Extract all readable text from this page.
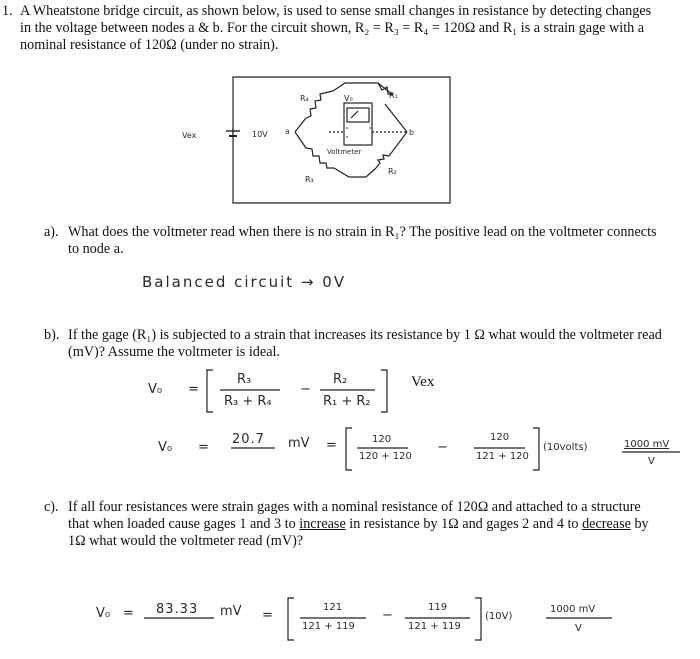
1. A Wheatstone bridge circuit, as shown below, is used to sense small changes in resistance by detecting changes
in the voltage between nodes a & b. For the circuit shown, R₂ = R₃ = R₄ = 120Ω and R₁ is a strain gage with a
nominal resistance of 120Ω (under no strain).
R₄	V₀	R₁
Vex	10V a	b
Voltmeter
R₃
R₂
a). What does the voltmeter read when there is no strain in R₁? The positive lead on the voltmeter connects
to node a.
Balanced circuit → 0V
b). If the gage (R₁) is subjected to a strain that increases its resistance by 1 Ω what would the voltmeter read
(mV)? Assume the voltmeter is ideal.
V₀ =
R₃
R₃ + R₄
−
R₂
R₁ + R₂
Vex
V₀ =
20.7 mV =	120
120 + 120
−
120
121 + 120
(10volts)	1000 mV
V
c). If all four resistances were strain gages with a nominal resistance of 120Ω and attached to a structure
that when loaded cause gages 1 and 3 to increase in resistance by 1Ω and gages 2 and 4 to decrease by
1Ω what would the voltmeter read (mV)?
V₀ = 83.33 mV =
121
121 + 119
−
119
121 + 119
(10V)
1000 mV
V
